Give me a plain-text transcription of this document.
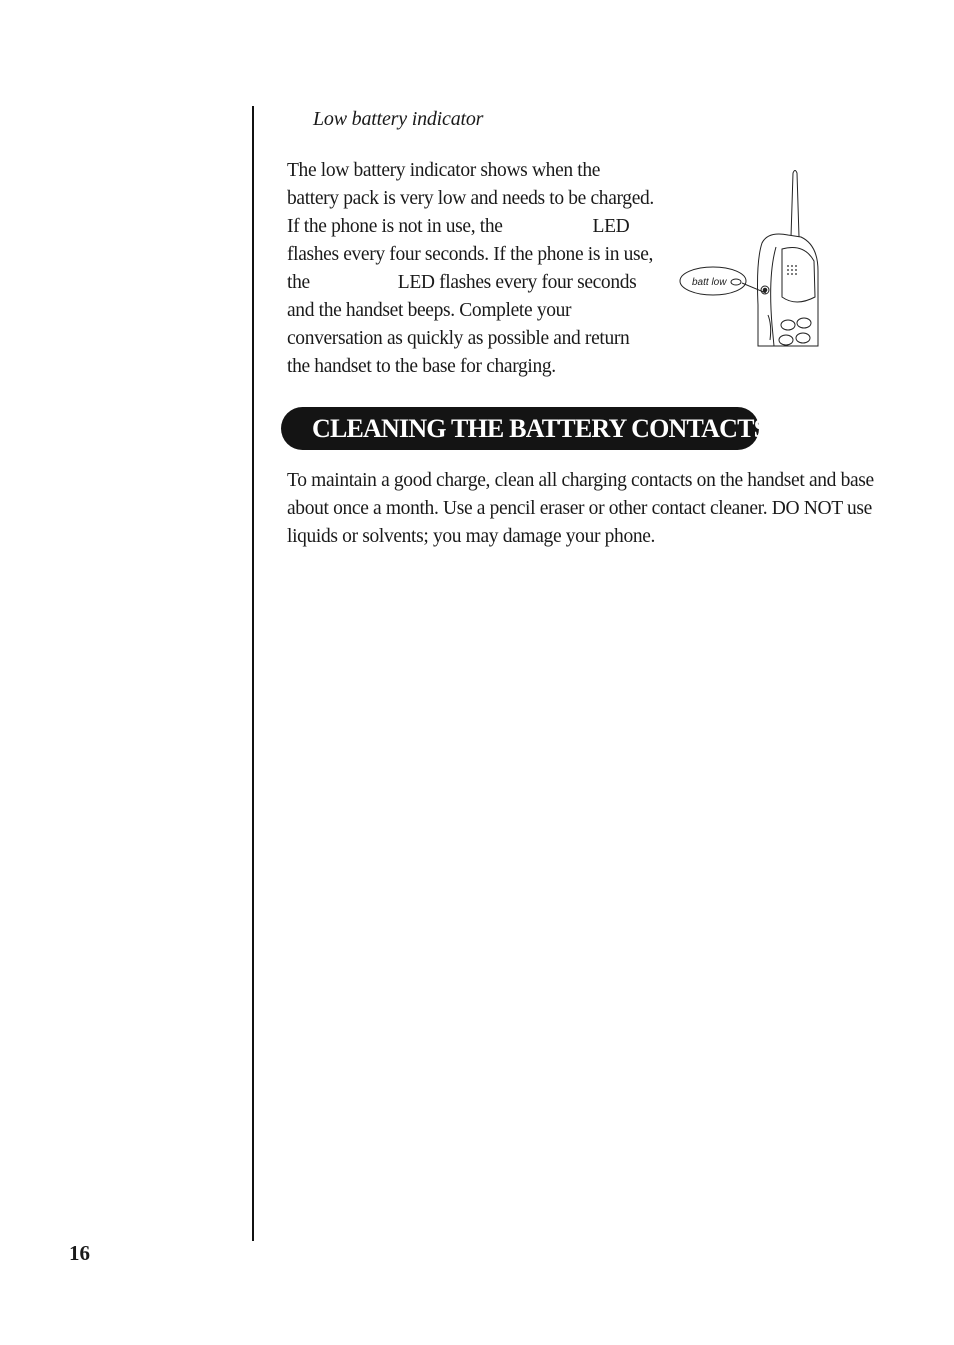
Low battery indicator
The low battery indicator shows when the
battery pack is very low and needs to be charged.
If the phone is not in use, the	LED
flashes every four seconds. If the phone is in use,
the	LED flashes every four seconds
and the handset beeps. Complete your
conversation as quickly as possible and return
the handset to the base for charging.
batt low
CLEANING THE BATTERY CONTACTS
To maintain a good charge, clean all charging contacts on the handset and base
about once a month. Use a pencil eraser or other contact cleaner. DO NOT use
liquids or solvents; you may damage your phone.
16
